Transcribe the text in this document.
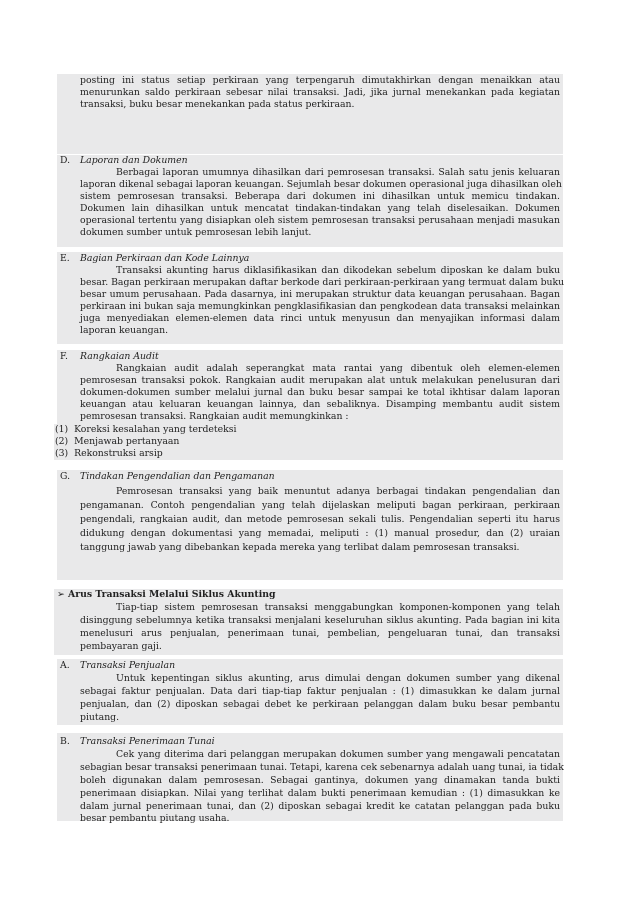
posting ini status setiap perkiraan yang terpengaruh dimutakhirkan dengan menaikkan atau
menurunkan saldo perkiraan sebesar nilai transaksi. Jadi, jika jurnal menekankan pada kegiatan
transaksi, buku besar menekankan pada status perkiraan.
D. Laporan dan Dokumen
Berbagai laporan umumnya dihasilkan dari pemrosesan transaksi. Salah satu jenis keluaran
laporan dikenal sebagai laporan keuangan. Sejumlah besar dokumen operasional juga dihasilkan oleh
sistem pemrosesan transaksi. Beberapa dari dokumen ini dihasilkan untuk memicu tindakan.
Dokumen lain dihasilkan untuk mencatat tindakan-tindakan yang telah diselesaikan. Dokumen
operasional tertentu yang disiapkan oleh sistem pemrosesan transaksi perusahaan menjadi masukan
dokumen sumber untuk pemrosesan lebih lanjut.
E. Bagian Perkiraan dan Kode Lainnya
Transaksi akunting harus diklasifikasikan dan dikodekan sebelum diposkan ke dalam buku
besar. Bagan perkiraan merupakan daftar berkode dari perkiraan-perkiraan yang termuat dalam buku
besar umum perusahaan. Pada dasarnya, ini merupakan struktur data keuangan perusahaan. Bagan
perkiraan ini bukan saja memungkinkan pengklasifikasian dan pengkodean data transaksi melainkan
juga menyediakan elemen-elemen data rinci untuk menyusun dan menyajikan informasi dalam
laporan keuangan.
F. Rangkaian Audit
Rangkaian audit adalah seperangkat mata rantai yang dibentuk oleh elemen-elemen
pemrosesan transaksi pokok. Rangkaian audit merupakan alat untuk melakukan penelusuran dari
dokumen-dokumen sumber melalui jurnal dan buku besar sampai ke total ikhtisar dalam laporan
keuangan atau keluaran keuangan lainnya, dan sebaliknya. Disamping membantu audit sistem
pemrosesan transaksi. Rangkaian audit memungkinkan :
(1)  Koreksi kesalahan yang terdeteksi
(2)  Menjawab pertanyaan
(3)  Rekonstruksi arsip
G. Tindakan Pengendalian dan Pengamanan
Pemrosesan transaksi yang baik menuntut adanya berbagai tindakan pengendalian dan
pengamanan. Contoh pengendalian yang telah dijelaskan meliputi bagan perkiraan, perkiraan
pengendali, rangkaian audit, dan metode pemrosesan sekali tulis. Pengendalian seperti itu harus
didukung dengan dokumentasi yang memadai, meliputi : (1) manual prosedur, dan (2) uraian
tanggung jawab yang dibebankan kepada mereka yang terlibat dalam pemrosesan transaksi.
➢ Arus Transaksi Melalui Siklus Akunting
Tiap-tiap sistem pemrosesan transaksi menggabungkan komponen-komponen yang telah
disinggung sebelumnya ketika transaksi menjalani keseluruhan siklus akunting. Pada bagian ini kita
menelusuri arus penjualan, penerimaan tunai, pembelian, pengeluaran tunai, dan transaksi
pembayaran gaji.
A. Transaksi Penjualan
Untuk kepentingan siklus akunting, arus dimulai dengan dokumen sumber yang dikenal
sebagai faktur penjualan. Data dari tiap-tiap faktur penjualan : (1) dimasukkan ke dalam jurnal
penjualan, dan (2) diposkan sebagai debet ke perkiraan pelanggan dalam buku besar pembantu
piutang.
B. Transaksi Penerimaan Tunai
Cek yang diterima dari pelanggan merupakan dokumen sumber yang mengawali pencatatan
sebagian besar transaksi penerimaan tunai. Tetapi, karena cek sebenarnya adalah uang tunai, ia tidak
boleh digunakan dalam pemrosesan. Sebagai gantinya, dokumen yang dinamakan tanda bukti
penerimaan disiapkan. Nilai yang terlihat dalam bukti penerimaan kemudian : (1) dimasukkan ke
dalam jurnal penerimaan tunai, dan (2) diposkan sebagai kredit ke catatan pelanggan pada buku
besar pembantu piutang usaha.
